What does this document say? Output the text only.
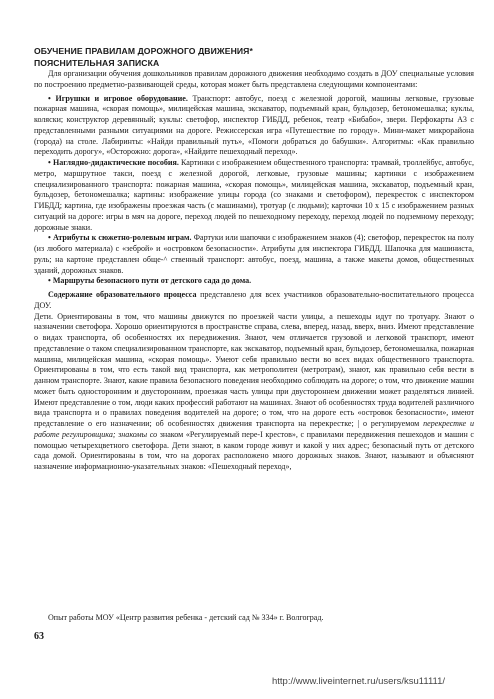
ОБУЧЕНИЕ ПРАВИЛАМ ДОРОЖНОГО ДВИЖЕНИЯ*
ПОЯСНИТЕЛЬНАЯ ЗАПИСКА

Для организации обучения дошкольников правилам дорожного движения необходимо создать в ДОУ специальные условия по построению предметно-развивающей среды, которая может быть представлена следующими компонентами:

• Игрушки и игровое оборудование. Транспорт: автобус, поезд с железной дорогой, машины легковые, грузовые пожарная машина, «скорая помощь», милицейская машина, экскаватор, подъемный кран, бульдозер, бетономешалка; куклы, коляски; конструктор деревянный; куклы: светофор, инспектор ГИБДД, ребенок, театр «Бибабо», звери. Перфокарты А3 с представленными разными ситуациями на дороге. Режиссерская игра «Путешествие по городу». Мини-макет микрорайона (города) на столе. Лабиринты: «Найди правильный путь», «Помоги добраться до бабушки». Алгоритмы: «Как правильно переходить дорогу», «Осторожно: дорога», «Найдите пешеходный переход».

• Наглядно-дидактические пособия. Картинки с изображением общественного транспорта: трамвай, троллейбус, автобус, метро, маршрутное такси, поезд с железной дорогой, легковые, грузовые машины; картинки с изображением специализированного транспорта: пожарная машина, «скорая помощь», милицейская машина, экскаватор, подъемный кран, бульдозер, бетономешалка; картины: изображение улицы города (со знаками и светофором), перекресток с инспектором ГИБДД; картина, где изображены проезжая часть (с машинами), тротуар (с людьми); карточки 10 х 15 с изображением разных ситуаций на дороге: игры в мяч на дороге, переход людей по пешеходному переходу, переход людей по подземному переходу; дорожные знаки.

• Атрибуты к сюжетно-ролевым играм. Фартуки или шапочки с изображением знаков (4); светофор, перекресток на полу (из любого материала) с «зеброй» и «островком безопасности». Атрибуты для инспектора ГИБДД. Шапочка для машиниста, руль; на картоне представлен обще-^ ственный транспорт: автобус, поезд, машина, а также макеты домов, общественных зданий, дорожных знаков.

• Маршруты безопасного пути от детского сада до дома.

Содержание образовательного процесса представлено для всех участников образовательно-воспитательного процесса ДОУ.

Дети. Ориентированы в том, что машины движутся по проезжей части улицы, а пешеходы идут по тротуару. Знают о назначении светофора. Хорошо ориентируются в пространстве справа, слева, вперед, назад, вверх, вниз. Имеют представление о видах транспорта, об особенностях их передвижения. Знают, чем отличается грузовой и легковой транспорт, имеют представление о таком специализированном транспорте, как экскаватор, подъемный кран, бульдозер, бетономешалка, пожарная машина, милицейская машина, «скорая помощь». Умеют себя правильно вести во всех видах общественного транспорта. Ориентированы в том, что есть такой вид транспорта, как метрополитен (метротрам), знают, как правильно себя вести в данном транспорте. Знают, какие правила безопасного поведения необходимо соблюдать на дороге; о том, что движение машин может быть односторонним и двусторонним, проезжая часть улицы при двустороннем движении может разделяться линией. Имеют представление о том, люди каких профессий работают на машинах. Знают об особенностях труда водителей различного вида транспорта и о правилах поведения водителей на дороге; о том, что на дороге есть «островок безопасности», имеют представление о его назначении; об особенностях движения транспорта на перекрестке; | о регулируемом перекрестке и работе регулировщика; знакомы со знаком «Регулируемый пере-I крестов», с правилами передвижения пешеходов и машин с помощью четырехцветного светофора. Дети знают, в каком городе живут и какой у них адрес; безопасный путь от детского сада домой. Ориентированы в том, что на дорогах расположено много дорожных знаков. Знают, называют и объясняют назначение информационно-указательных знаков: «Пешеходный переход»,

Опыт работы МОУ «Центр развития ребенка - детский сад № 334» г. Волгоград.
63
http://www.liveinternet.ru/users/ksu11111/
